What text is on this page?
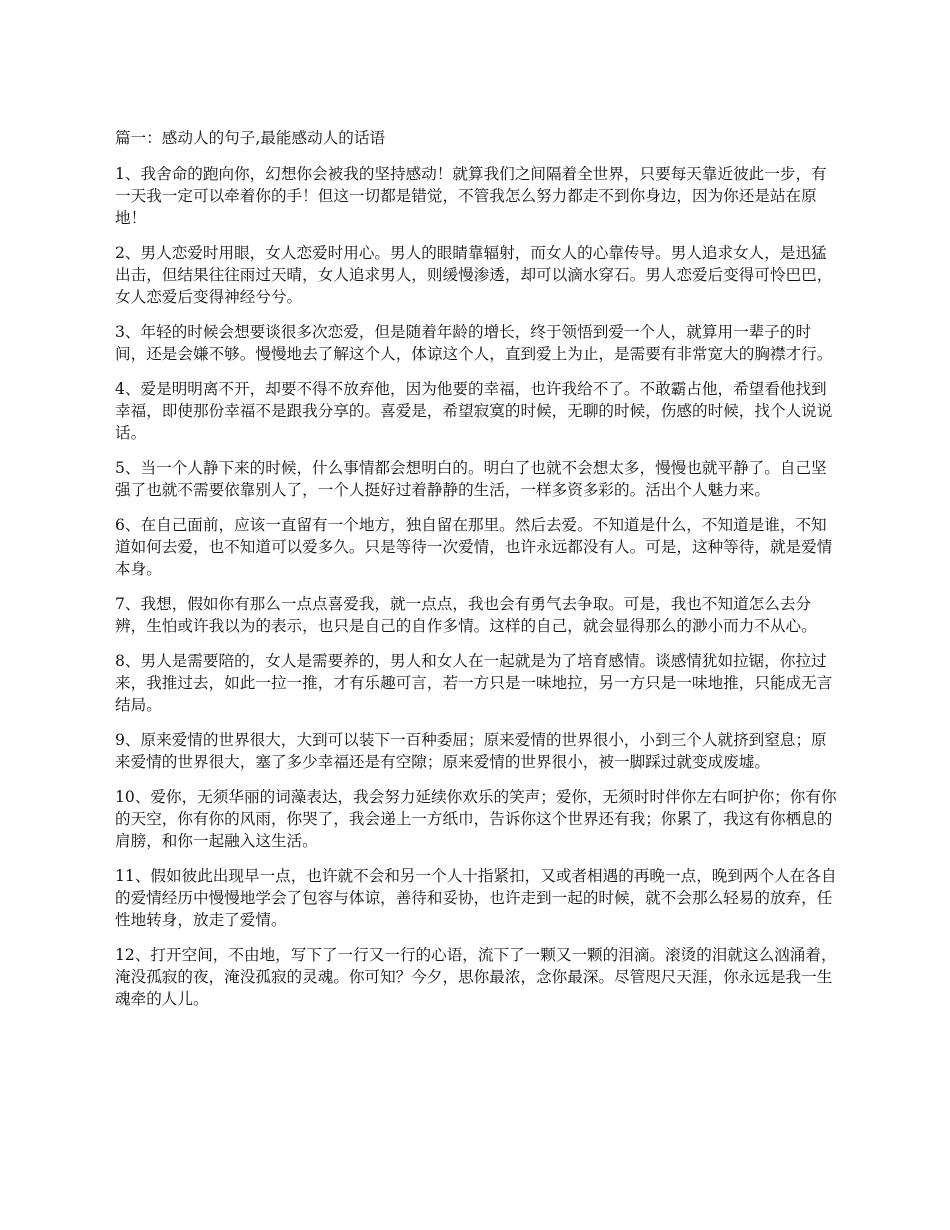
篇一：感动人的句子,最能感动人的话语

1、我舍命的跑向你，幻想你会被我的坚持感动！就算我们之间隔着全世界，只要每天靠近彼此一步，有一天我一定可以牵着你的手！但这一切都是错觉，不管我怎么努力都走不到你身边，因为你还是站在原地！

2、男人恋爱时用眼，女人恋爱时用心。男人的眼睛靠辐射，而女人的心靠传导。男人追求女人，是迅猛出击，但结果往往雨过天晴，女人追求男人，则缓慢渗透，却可以滴水穿石。男人恋爱后变得可怜巴巴，女人恋爱后变得神经兮兮。

3、年轻的时候会想要谈很多次恋爱，但是随着年龄的增长，终于领悟到爱一个人，就算用一辈子的时间，还是会嫌不够。慢慢地去了解这个人，体谅这个人，直到爱上为止，是需要有非常宽大的胸襟才行。

4、爱是明明离不开，却要不得不放弃他，因为他要的幸福，也许我给不了。不敢霸占他，希望看他找到幸福，即使那份幸福不是跟我分享的。喜爱是，希望寂寞的时候，无聊的时候，伤感的时候，找个人说说话。

5、当一个人静下来的时候，什么事情都会想明白的。明白了也就不会想太多，慢慢也就平静了。自己坚强了也就不需要依靠别人了，一个人挺好过着静静的生活，一样多资多彩的。活出个人魅力来。

6、在自己面前，应该一直留有一个地方，独自留在那里。然后去爱。不知道是什么，不知道是谁，不知道如何去爱，也不知道可以爱多久。只是等待一次爱情，也许永远都没有人。可是，这种等待，就是爱情本身。

7、我想，假如你有那么一点点喜爱我，就一点点，我也会有勇气去争取。可是，我也不知道怎么去分辨，生怕或许我以为的表示，也只是自己的自作多情。这样的自己，就会显得那么的渺小而力不从心。

8、男人是需要陪的，女人是需要养的，男人和女人在一起就是为了培育感情。谈感情犹如拉锯，你拉过来，我推过去，如此一拉一推，才有乐趣可言，若一方只是一味地拉，另一方只是一味地推，只能成无言结局。

9、原来爱情的世界很大，大到可以装下一百种委屈；原来爱情的世界很小，小到三个人就挤到窒息；原来爱情的世界很大，塞了多少幸福还是有空隙；原来爱情的世界很小，被一脚踩过就变成废墟。

10、爱你，无须华丽的词藻表达，我会努力延续你欢乐的笑声；爱你，无须时时伴你左右呵护你；你有你的天空，你有你的风雨，你哭了，我会递上一方纸巾，告诉你这个世界还有我；你累了，我这有你栖息的肩膀，和你一起融入这生活。

11、假如彼此出现早一点，也许就不会和另一个人十指紧扣，又或者相遇的再晚一点，晚到两个人在各自的爱情经历中慢慢地学会了包容与体谅，善待和妥协，也许走到一起的时候，就不会那么轻易的放弃，任性地转身，放走了爱情。

12、打开空间，不由地，写下了一行又一行的心语，流下了一颗又一颗的泪滴。滚烫的泪就这么汹涌着，淹没孤寂的夜，淹没孤寂的灵魂。你可知？今夕，思你最浓，念你最深。尽管咫尺天涯，你永远是我一生魂牵的人儿。
